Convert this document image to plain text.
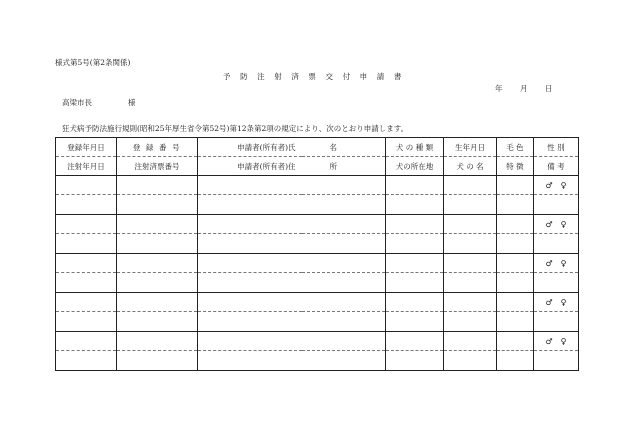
様式第5号(第2条関係)
予 防 注 射 済 票 交 付 申 請 書
年 月 日
高梁市長	様
狂犬病予防法施行規則(昭和25年厚生省令第52号)第12条第2項の規定により、次のとおり申請します。
登録年月日	登 録 番 号	申請者(所有者)氏	名	犬 の 種 類	生年月日	毛 色	性 別
注射年月日	注射済票番号	申請者(所有者)住	所	犬の所在地	犬 の 名	特 徴	備 考
							♂ ♀

							♂ ♀

							♂ ♀

							♂ ♀

							♂ ♀
